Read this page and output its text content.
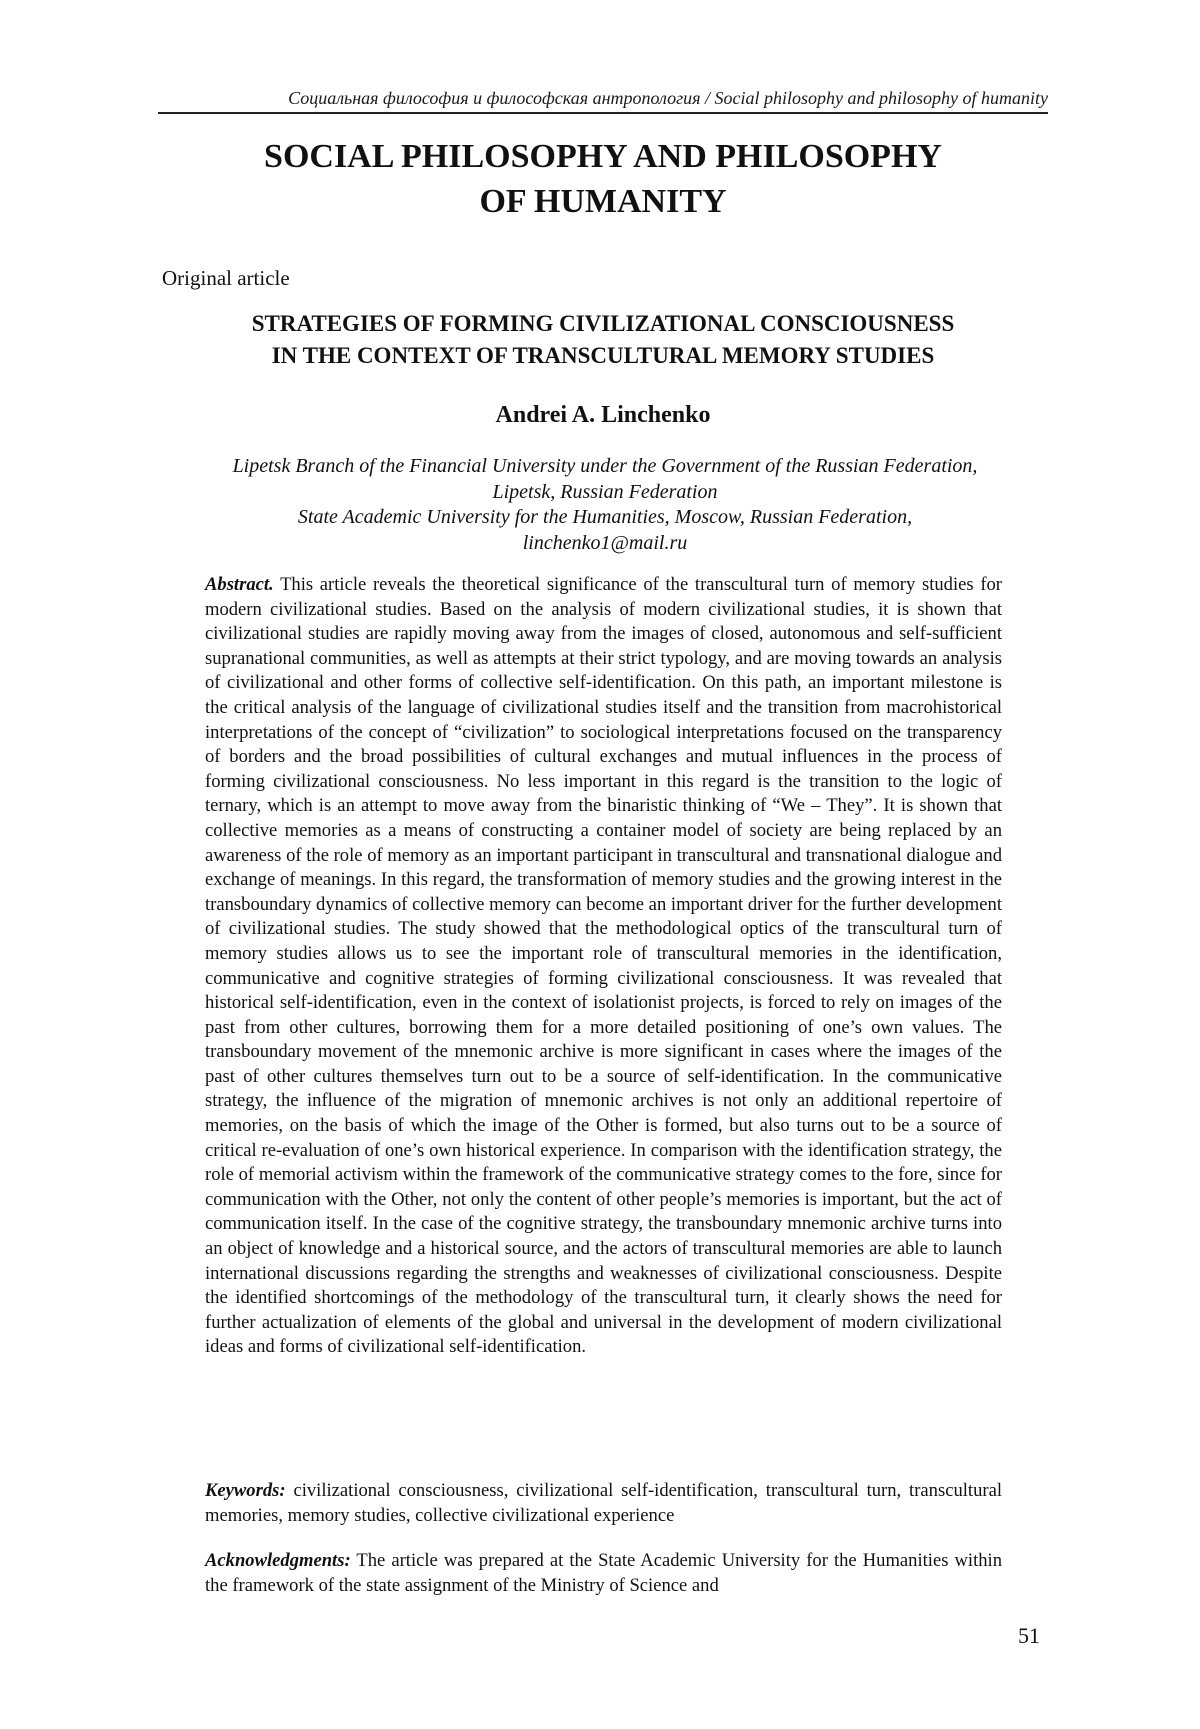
Социальная философия и философская антропология / Social philosophy and philosophy of humanity
SOCIAL PHILOSOPHY AND PHILOSOPHY
OF HUMANITY
Original article
STRATEGIES OF FORMING CIVILIZATIONAL CONSCIOUSNESS
IN THE CONTEXT OF TRANSCULTURAL MEMORY STUDIES
Andrei A. Linchenko
Lipetsk Branch of the Financial University under the Government of the Russian Federation,
Lipetsk, Russian Federation
State Academic University for the Humanities, Moscow, Russian Federation,
linchenko1@mail.ru
Abstract. This article reveals the theoretical significance of the transcultural turn of memory studies for modern civilizational studies. Based on the analysis of modern civilizational studies, it is shown that civilizational studies are rapidly moving away from the images of closed, autonomous and self-sufficient supranational communities, as well as attempts at their strict typology, and are moving towards an analysis of civilizational and other forms of collective self-identification. On this path, an important milestone is the critical analysis of the language of civilizational studies itself and the transition from macrohistorical interpretations of the concept of “civilization” to sociological interpretations focused on the transparency of borders and the broad possibilities of cultural exchanges and mutual influences in the process of forming civilizational consciousness. No less important in this regard is the transition to the logic of ternary, which is an attempt to move away from the binaristic thinking of “We – They”. It is shown that collective memories as a means of constructing a container model of society are being replaced by an awareness of the role of memory as an important participant in transcultural and transnational dialogue and exchange of meanings. In this regard, the transformation of memory studies and the growing interest in the transboundary dynamics of collective memory can become an important driver for the further development of civilizational studies. The study showed that the methodological optics of the transcultural turn of memory studies allows us to see the important role of transcultural memories in the identification, communicative and cognitive strategies of forming civilizational consciousness. It was revealed that historical self-identification, even in the context of isolationist projects, is forced to rely on images of the past from other cultures, borrowing them for a more detailed positioning of one’s own values. The transboundary movement of the mnemonic archive is more significant in cases where the images of the past of other cultures themselves turn out to be a source of self-identification. In the communicative strategy, the influence of the migration of mnemonic archives is not only an additional repertoire of memories, on the basis of which the image of the Other is formed, but also turns out to be a source of critical re-evaluation of one’s own historical experience. In comparison with the identification strategy, the role of memorial activism within the framework of the communicative strategy comes to the fore, since for communication with the Other, not only the content of other people’s memories is important, but the act of communication itself. In the case of the cognitive strategy, the transboundary mnemonic archive turns into an object of knowledge and a historical source, and the actors of transcultural memories are able to launch international discussions regarding the strengths and weaknesses of civilizational consciousness. Despite the identified shortcomings of the methodology of the transcultural turn, it clearly shows the need for further actualization of elements of the global and universal in the development of modern civilizational ideas and forms of civilizational self-identification.
Keywords: civilizational consciousness, civilizational self-identification, transcultural turn, transcultural memories, memory studies, collective civilizational experience
Acknowledgments: The article was prepared at the State Academic University for the Humanities within the framework of the state assignment of the Ministry of Science and
51
